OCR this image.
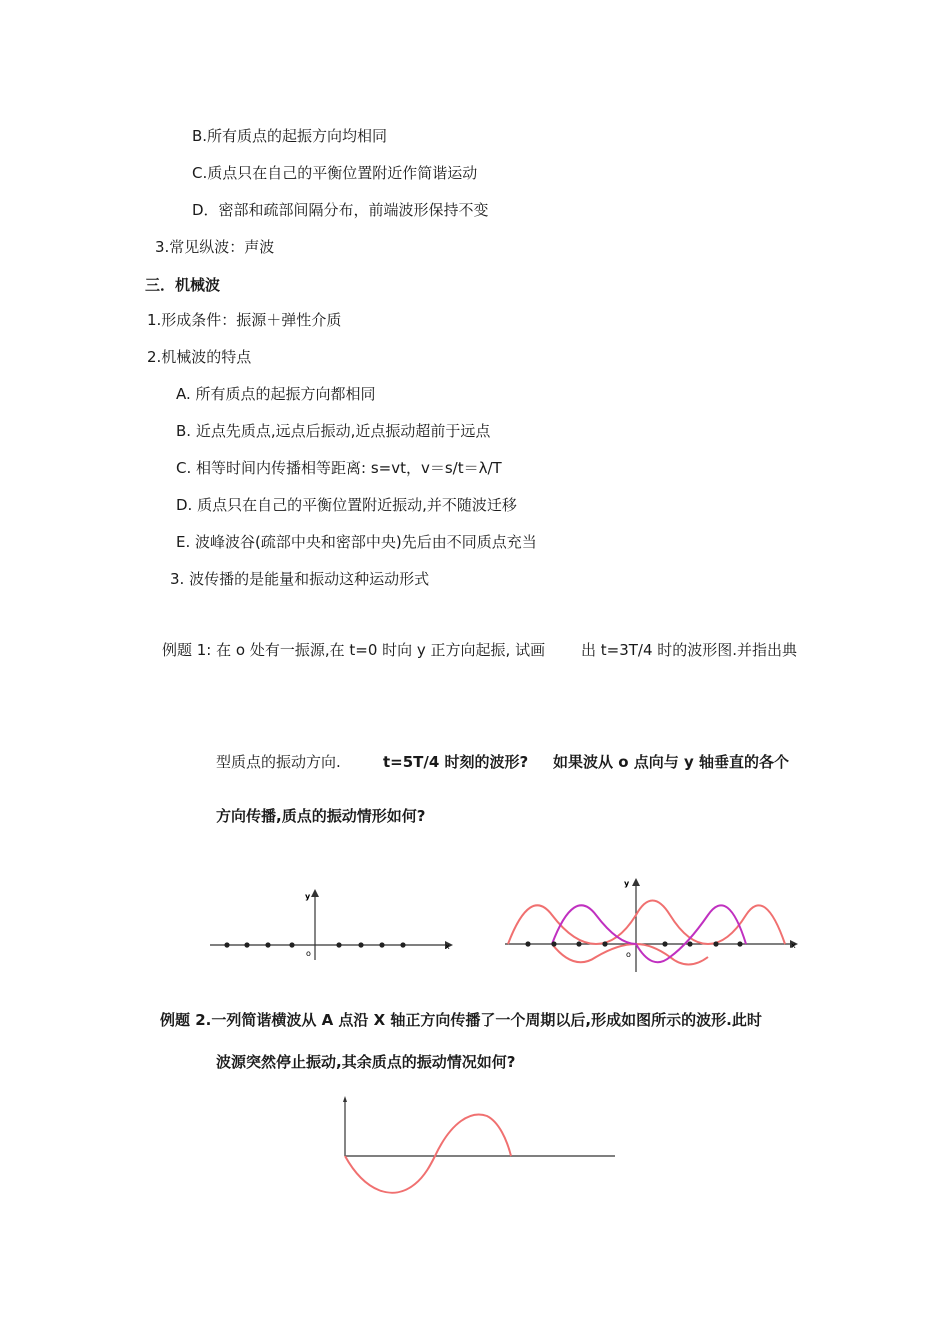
B.所有质点的起振方向均相同
C.质点只在自己的平衡位置附近作简谐运动
D．密部和疏部间隔分布，前端波形保持不变
3.常见纵波：声波
三．机械波
1.形成条件：振源＋弹性介质
2.机械波的特点
A. 所有质点的起振方向都相同
B. 近点先质点,远点后振动,近点振动超前于远点
C. 相等时间内传播相等距离: s=vt，v＝s/t＝λ/T
D. 质点只在自己的平衡位置附近振动,并不随波迁移
E. 波峰波谷(疏部中央和密部中央)先后由不同质点充当
3. 波传播的是能量和振动这种运动形式
例题 1: 在 o 处有一振源,在 t=0 时向 y 正方向起振, 试画 出 t=3T/4 时的波形图.并指出典
型质点的振动方向.	t=5T/4 时刻的波形? 如果波从 o 点向与 y 轴垂直的各个
方向传播,质点的振动情形如何?
y
x
o
y
x
o
例题 2.一列简谐横波从 A 点沿 X 轴正方向传播了一个周期以后,形成如图所示的波形.此时
波源突然停止振动,其余质点的振动情况如何?
